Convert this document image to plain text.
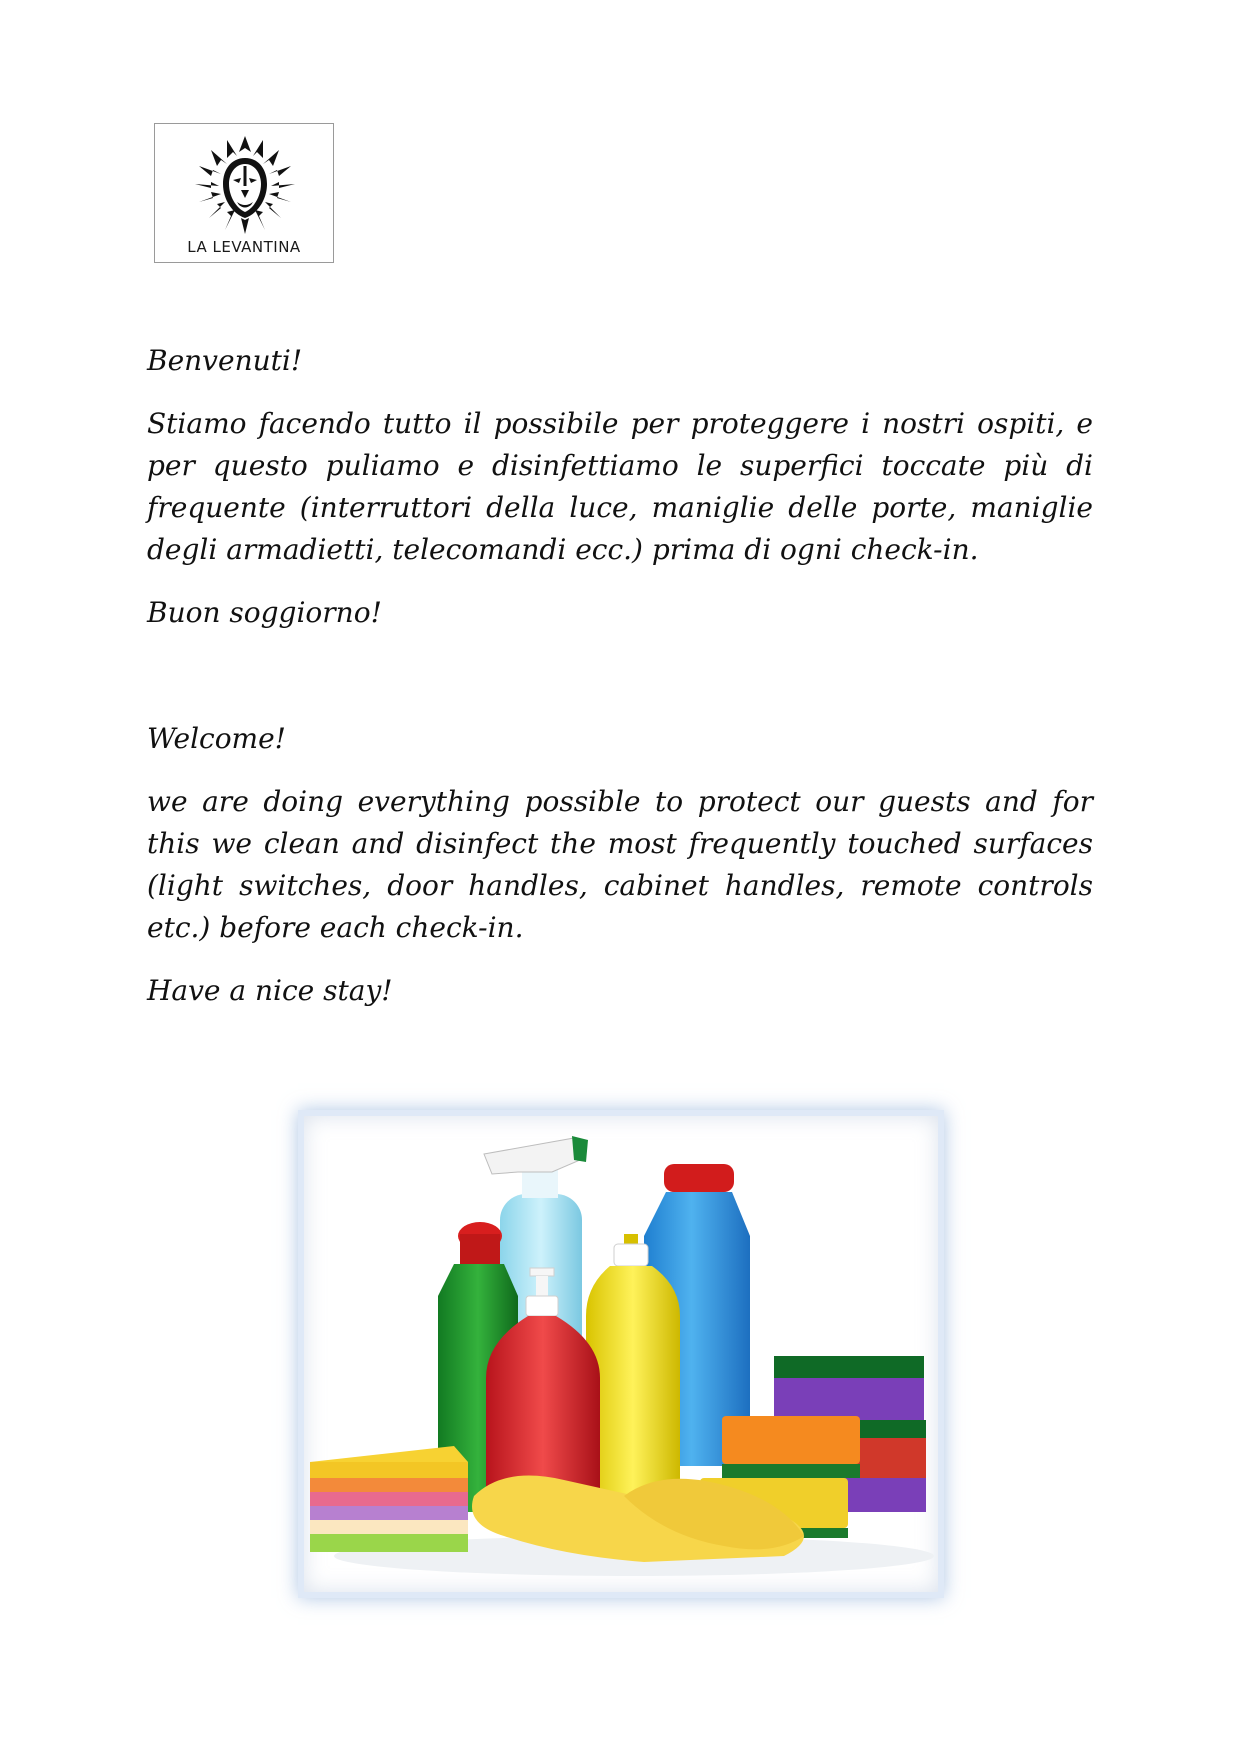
LA LEVANTINA
Benvenuti!
Stiamo facendo tutto il possibile per proteggere i nostri ospiti, e per questo puliamo e disinfettiamo le superfici toccate più di frequente (interruttori della luce, maniglie delle porte, maniglie degli armadietti, telecomandi ecc.) prima di ogni check-in.
Buon soggiorno!
Welcome!
we are doing everything possible to protect our guests and for this we clean and disinfect the most frequently touched surfaces (light switches, door handles, cabinet handles, remote controls etc.) before each check-in.
Have a nice stay!
